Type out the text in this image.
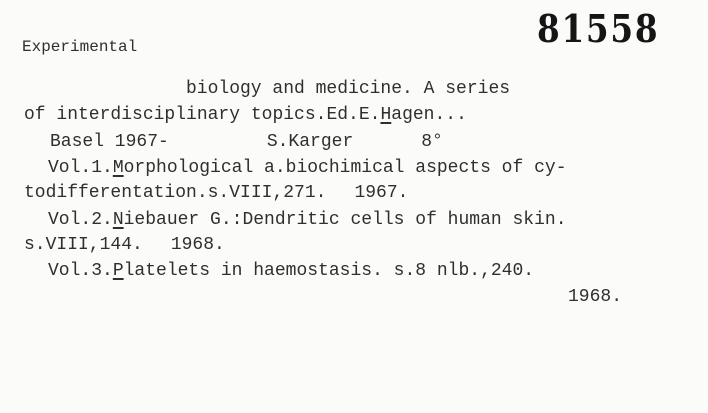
81558
Experimental
biology and medicine. A series
of interdisciplinary topics.Ed.E.Hagen...
Basel 1967-	S.Karger	8°
Vol.1.Morphological a.biochimical aspects of cy-
todifferentation.s.VIII,271. 1967.
Vol.2.Niebauer G.:Dendritic cells of human skin.
s.VIII,144. 1968.
Vol.3.Platelets in haemostasis. s.8 nlb.,240.
1968.
